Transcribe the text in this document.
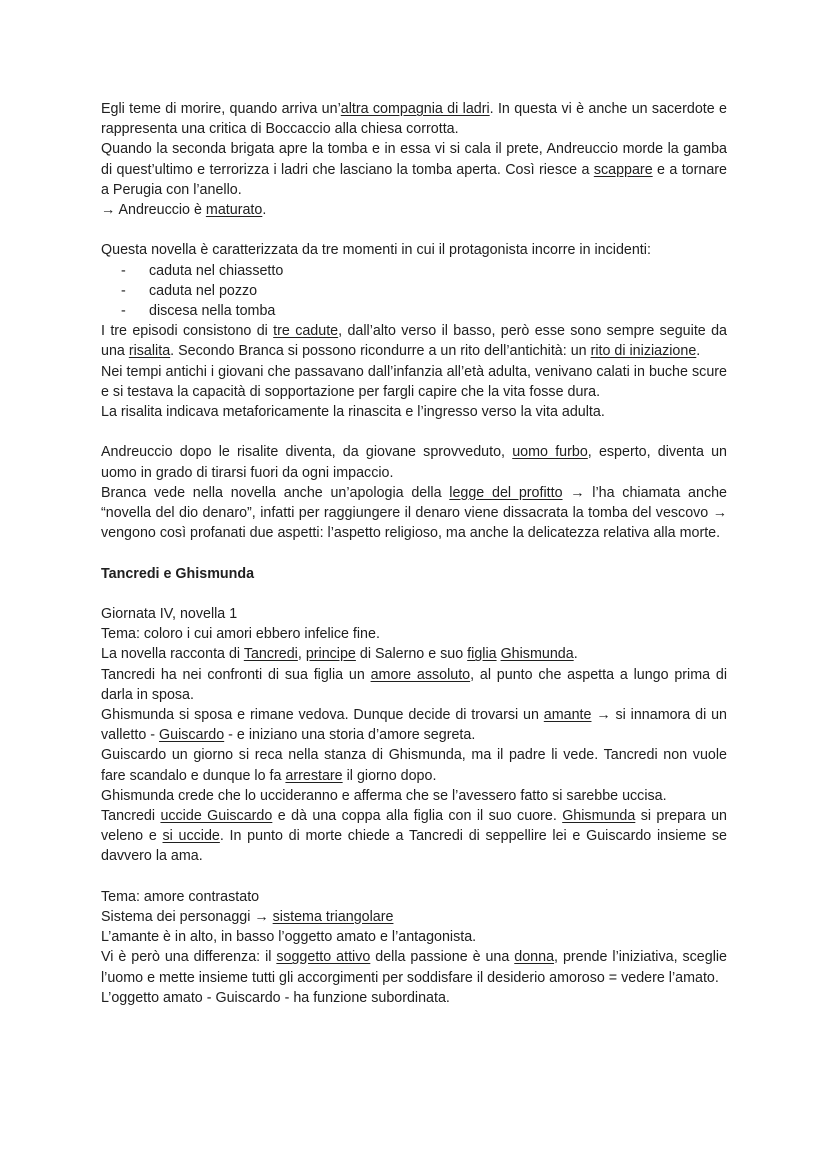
Egli teme di morire, quando arriva un’altra compagnia di ladri. In questa vi è anche un sacerdote e rappresenta una critica di Boccaccio alla chiesa corrotta.

Quando la seconda brigata apre la tomba e in essa vi si cala il prete, Andreuccio morde la gamba di quest’ultimo e terrorizza i ladri che lasciano la tomba aperta. Così riesce a scappare e a tornare a Perugia con l’anello.

→ Andreuccio è maturato.

Questa novella è caratterizzata da tre momenti in cui il protagonista incorre in incidenti:

- caduta nel chiassetto
- caduta nel pozzo
- discesa nella tomba

I tre episodi consistono di tre cadute, dall’alto verso il basso, però esse sono sempre seguite da una risalita. Secondo Branca si possono ricondurre a un rito dell’antichità: un rito di iniziazione.

Nei tempi antichi i giovani che passavano dall’infanzia all’età adulta, venivano calati in buche scure e si testava la capacità di sopportazione per fargli capire che la vita fosse dura.

La risalita indicava metaforicamente la rinascita e l’ingresso verso la vita adulta.

Andreuccio dopo le risalite diventa, da giovane sprovveduto, uomo furbo, esperto, diventa un uomo in grado di tirarsi fuori da ogni impaccio.

Branca vede nella novella anche un’apologia della legge del profitto → l’ha chiamata anche “novella del dio denaro”, infatti per raggiungere il denaro viene dissacrata la tomba del vescovo → vengono così profanati due aspetti: l’aspetto religioso, ma anche la delicatezza relativa alla morte.

Tancredi e Ghismunda

Giornata IV, novella 1

Tema: coloro i cui amori ebbero infelice fine.

La novella racconta di Tancredi, principe di Salerno e suo figlia Ghismunda.

Tancredi ha nei confronti di sua figlia un amore assoluto, al punto che aspetta a lungo prima di darla in sposa.

Ghismunda si sposa e rimane vedova. Dunque decide di trovarsi un amante → si innamora di un valletto - Guiscardo - e iniziano una storia d’amore segreta.

Guiscardo un giorno si reca nella stanza di Ghismunda, ma il padre li vede. Tancredi non vuole fare scandalo e dunque lo fa arrestare il giorno dopo.

Ghismunda crede che lo uccideranno e afferma che se l’avessero fatto si sarebbe uccisa.

Tancredi uccide Guiscardo e dà una coppa alla figlia con il suo cuore. Ghismunda si prepara un veleno e si uccide. In punto di morte chiede a Tancredi di seppellire lei e Guiscardo insieme se davvero la ama.

Tema: amore contrastato

Sistema dei personaggi → sistema triangolare

L’amante è in alto, in basso l’oggetto amato e l’antagonista.

Vi è però una differenza: il soggetto attivo della passione è una donna, prende l’iniziativa, sceglie l’uomo e mette insieme tutti gli accorgimenti per soddisfare il desiderio amoroso = vedere l’amato.

L’oggetto amato - Guiscardo - ha funzione subordinata.
